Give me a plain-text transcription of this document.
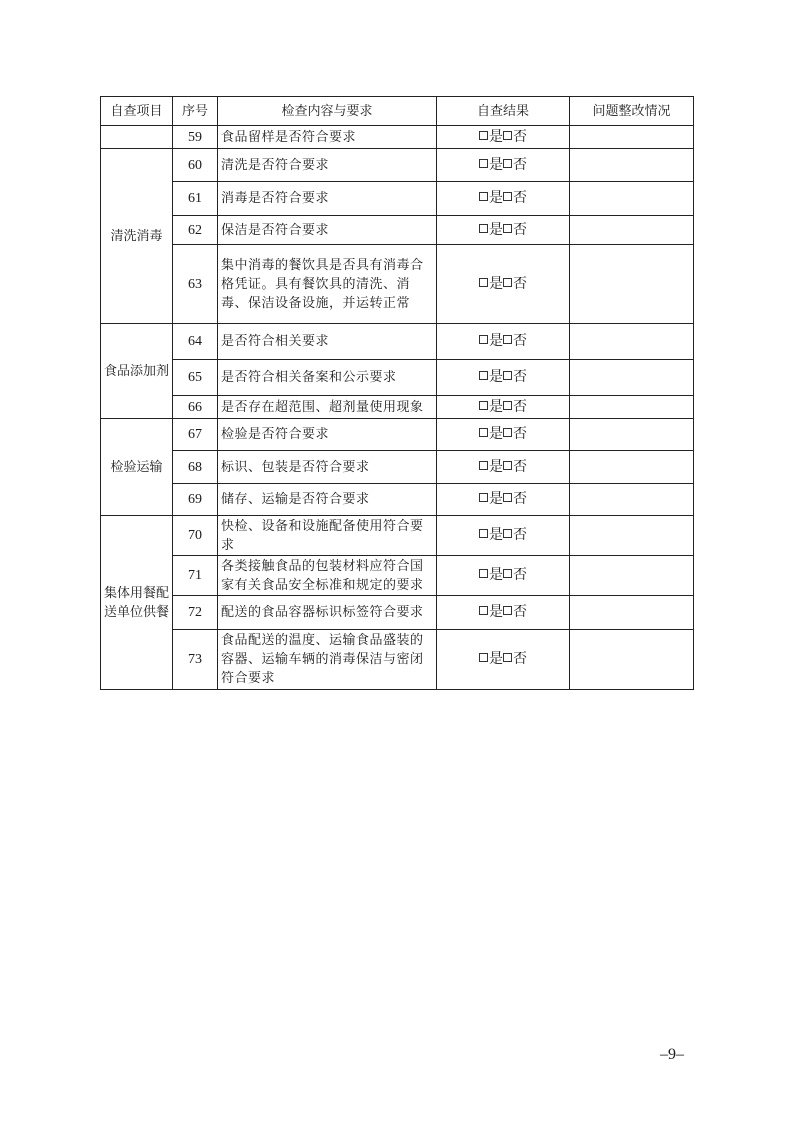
自查项目	序号	检查内容与要求	自查结果	问题整改情况
	59	食品留样是否符合要求	是 否	
清洗消毒	60	清洗是否符合要求	是 否	
	61	消毒是否符合要求	是 否	
	62	保洁是否符合要求	是 否	
	63	集中消毒的餐饮具是否具有消毒合格凭证。具有餐饮具的清洗、消毒、保洁设备设施，并运转正常	是 否	
食品添加剂	64	是否符合相关要求	是 否	
	65	是否符合相关备案和公示要求	是 否	
	66	是否存在超范围、超剂量使用现象	是 否	
检验运输	67	检验是否符合要求	是 否	
	68	标识、包装是否符合要求	是 否	
	69	储存、运输是否符合要求	是 否	
集体用餐配送单位供餐	70	快检、设备和设施配备使用符合要求	是 否	
	71	各类接触食品的包装材料应符合国家有关食品安全标准和规定的要求	是 否	
	72	配送的食品容器标识标签符合要求	是 否	
	73	食品配送的温度、运输食品盛装的容器、运输车辆的消毒保洁与密闭符合要求	是 否	
–9–
